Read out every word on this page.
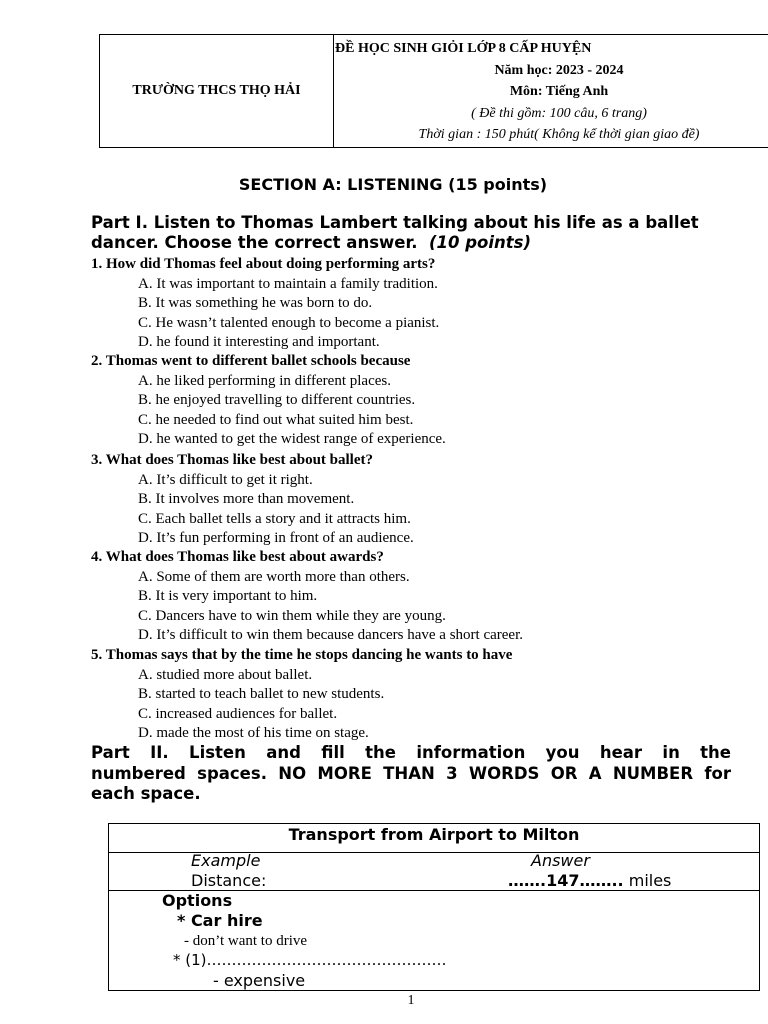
TRƯỜNG THCS THỌ HẢI
ĐỀ HỌC SINH GIỎI LỚP 8 CẤP HUYỆN
Năm học: 2023 - 2024
Môn: Tiếng Anh
( Đề thi gồm: 100 câu, 6 trang)
Thời gian : 150 phút( Không kể thời gian giao đề)
SECTION A: LISTENING (15 points)
Part I. Listen to Thomas Lambert talking about his life as a ballet dancer. Choose the correct answer. (10 points)
1. How did Thomas feel about doing performing arts?
A. It was important to maintain a family tradition.
B. It was something he was born to do.
C. He wasn’t talented enough to become a pianist.
D. he found it interesting and important.
2. Thomas went to different ballet schools because
A. he liked performing in different places.
B. he enjoyed travelling to different countries.
C. he needed to find out what suited him best.
D. he wanted to get the widest range of experience.
3. What does Thomas like best about ballet?
A. It’s difficult to get it right.
B. It involves more than movement.
C. Each ballet tells a story and it attracts him.
D. It’s fun performing in front of an audience.
4. What does Thomas like best about awards?
A. Some of them are worth more than others.
B. It is very important to him.
C. Dancers have to win them while they are young.
D. It’s difficult to win them because dancers have a short career.
5. Thomas says that by the time he stops dancing he wants to have
A. studied more about ballet.
B. started to teach ballet to new students.
C. increased audiences for ballet.
D. made the most of his time on stage.
Part II. Listen and fill the information you hear in the
numbered spaces. NO MORE THAN 3 WORDS OR A NUMBER for
each space.
Transport from Airport to Milton
Example	Answer
Distance:	…….147…….. miles
Options
* Car hire
- don’t want to drive
* (1)…………………………………………
- expensive
1
